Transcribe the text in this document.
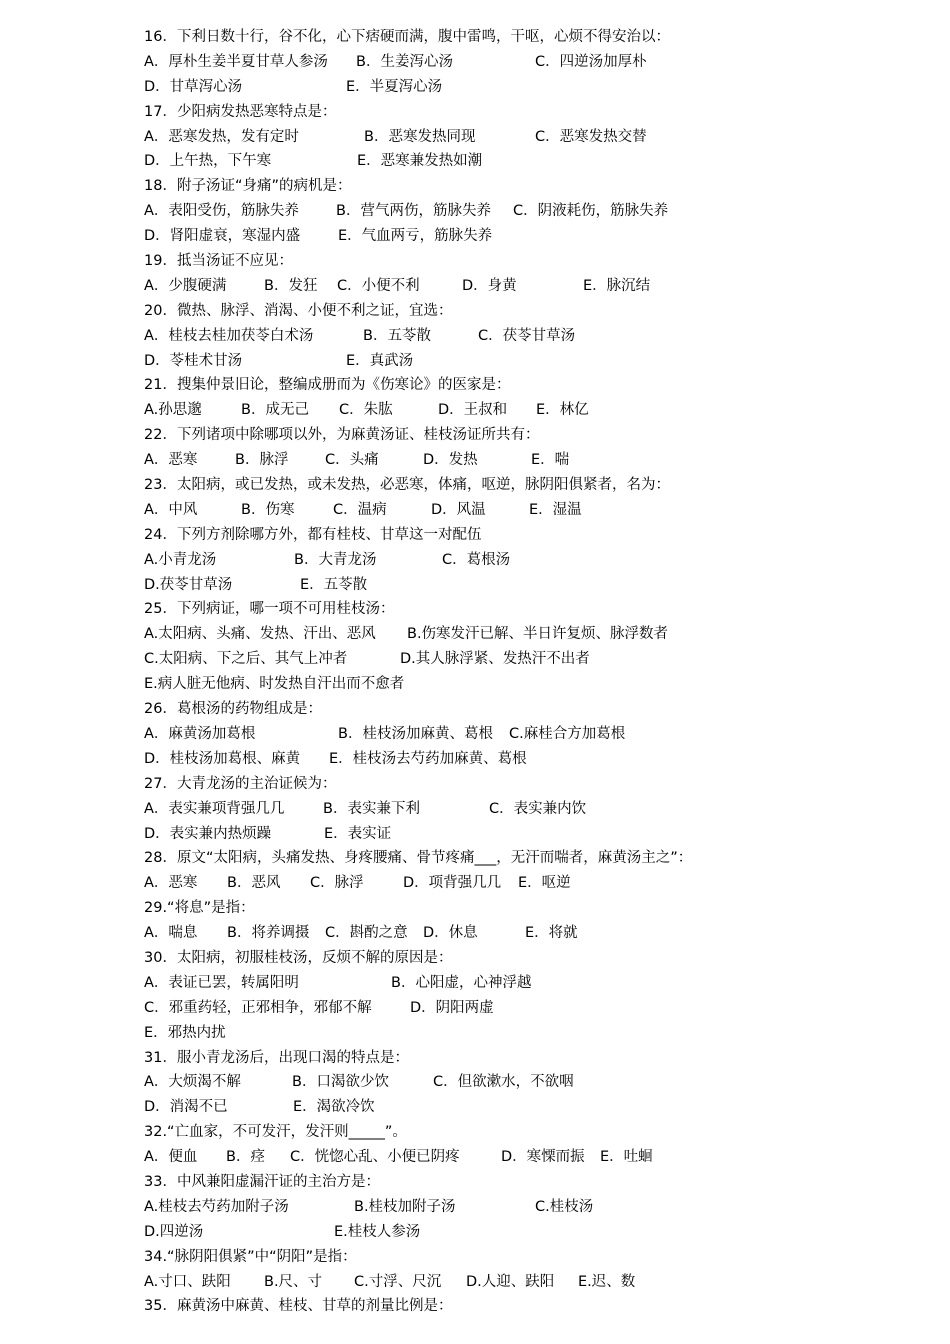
16．下利日数十行，谷不化，心下痞硬而满，腹中雷鸣，干呕，心烦不得安治以：
A．厚朴生姜半夏甘草人参汤 B．生姜泻心汤	C．四逆汤加厚朴
D．甘草泻心汤	E．半夏泻心汤
17．少阳病发热恶寒特点是：
A．恶寒发热，发有定时	B．恶寒发热同现	C．恶寒发热交替
D．上午热，下午寒	E．恶寒兼发热如潮
18．附子汤证“身痛”的病机是：
A．表阳受伤，筋脉失养	B．营气两伤，筋脉失养 C．阴液耗伤，筋脉失养
D．肾阳虚衰，寒湿内盛	E．气血两亏，筋脉失养
19．抵当汤证不应见：
A．少腹硬满	B．发狂 C．小便不利	D．身黄	E．脉沉结
20．微热、脉浮、消渴、小便不利之证，宜选：
A．桂枝去桂加茯苓白术汤	B．五苓散	C．茯苓甘草汤
D．苓桂术甘汤	E．真武汤
21．搜集仲景旧论，整编成册而为《伤寒论》的医家是：
A.孙思邈	B．成无己 C．朱肱	D．王叔和 E．林亿
22．下列诸项中除哪项以外，为麻黄汤证、桂枝汤证所共有：
A．恶寒	B．脉浮	C．头痛	D．发热	E．喘
23．太阳病，或已发热，或未发热，必恶寒，体痛，呕逆，脉阴阳俱紧者，名为：
A．中风	B．伤寒	C．温病	D．风温	E．湿温
24．下列方剂除哪方外，都有桂枝、甘草这一对配伍
A.小青龙汤	B．大青龙汤	C．葛根汤
D.茯苓甘草汤	E．五苓散
25．下列病证，哪一项不可用桂枝汤：
A.太阳病、头痛、发热、汗出、恶风 B.伤寒发汗已解、半日许复烦、脉浮数者
C.太阳病、下之后、其气上冲者	D.其人脉浮紧、发热汗不出者
E.病人脏无他病、时发热自汗出而不愈者
26．葛根汤的药物组成是：
A．麻黄汤加葛根	B．桂枝汤加麻黄、葛根 C.麻桂合方加葛根
D．桂枝汤加葛根、麻黄 E．桂枝汤去芍药加麻黄、葛根
27．大青龙汤的主治证候为：
A．表实兼项背强几几	B．表实兼下利	C．表实兼内饮
D．表实兼内热烦躁	E．表实证
28．原文“太阳病，头痛发热、身疼腰痛、骨节疼痛___，无汗而喘者，麻黄汤主之”：
A．恶寒 B．恶风 C．脉浮	D．项背强几几 E．呕逆
29.“将息”是指：
A．喘息 B．将养调摄 C．斟酌之意 D．休息	E．将就
30．太阳病，初服桂枝汤，反烦不解的原因是：
A．表证已罢，转属阳明	B．心阳虚，心神浮越
C．邪重药轻，正邪相争，邪郁不解	D．阴阳两虚
E．邪热内扰
31．服小青龙汤后，出现口渴的特点是：
A．大烦渴不解	B．口渴欲少饮	C．但欲漱水，不欲咽
D．消渴不已	E．渴欲冷饮
32.“亡血家，不可发汗，发汗则_____”。
A．便血 B．痉 C．恍惚心乱、小便已阴疼	D．寒慄而振 E．吐蛔
33．中风兼阳虚漏汗证的主治方是：
A.桂枝去芍药加附子汤	B.桂枝加附子汤	C.桂枝汤
D.四逆汤	E.桂枝人参汤
34.“脉阴阳俱紧”中“阴阳”是指：
A.寸口、趺阳 B.尺、寸 C.寸浮、尺沉 D.人迎、趺阳 E.迟、数
35．麻黄汤中麻黄、桂枝、甘草的剂量比例是：
